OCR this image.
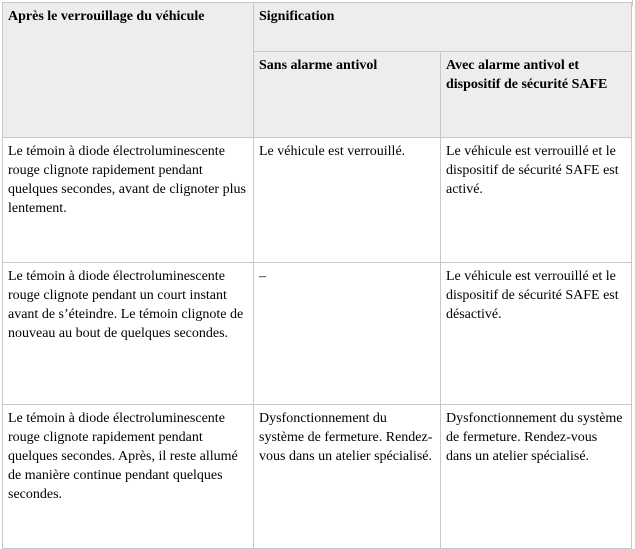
Après le verrouillage du véhicule	Signification	

	Sans alarme antivol	Avec alarme antivol et dispositif de sécurité SAFE

Le témoin à diode électroluminescente rouge clignote rapidement pendant quelques secondes, avant de clignoter plus lentement.	Le véhicule est verrouillé.	Le véhicule est verrouillé et le dispositif de sécurité SAFE est activé.

Le témoin à diode électroluminescente rouge clignote pendant un court instant avant de s’éteindre. Le témoin clignote de nouveau au bout de quelques secondes.	–	Le véhicule est verrouillé et le dispositif de sécurité SAFE est désactivé.

Le témoin à diode électroluminescente rouge clignote rapidement pendant quelques secondes. Après, il reste allumé de manière continue pendant quelques secondes.	Dysfonctionnement du système de fermeture. Rendez-vous dans un atelier spécialisé.	Dysfonctionnement du système de fermeture. Rendez-vous dans un atelier spécialisé.
